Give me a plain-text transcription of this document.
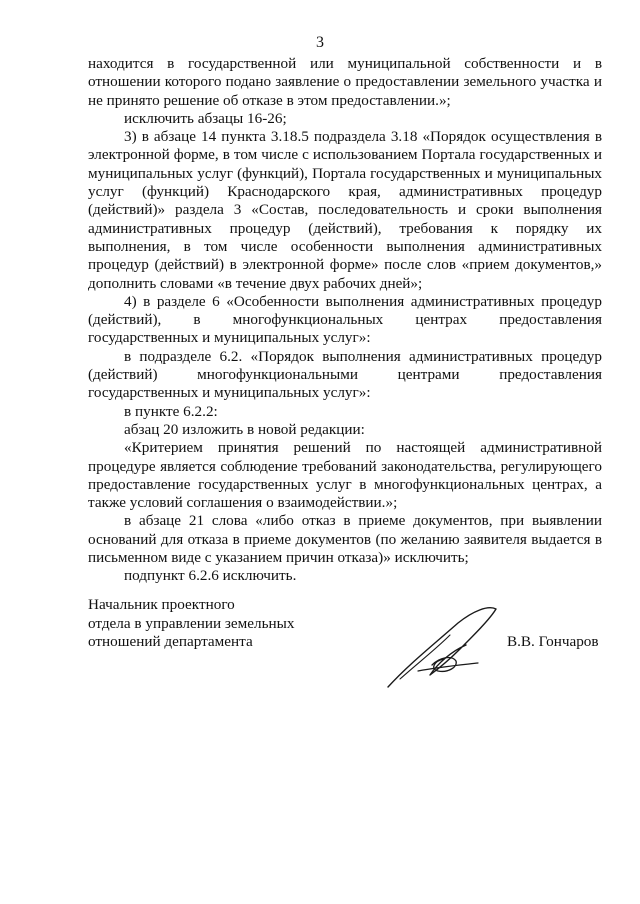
3

находится в государственной или муниципальной собственности и в отношении которого подано заявление о предоставлении земельного участка и не принято решение об отказе в этом предоставлении.»;

исключить абзацы 16-26;

3) в абзаце 14 пункта 3.18.5 подраздела 3.18 «Порядок осуществления в электронной форме, в том числе с использованием Портала государственных и муниципальных услуг (функций), Портала государственных и муниципальных услуг (функций) Краснодарского края, административных процедур (действий)» раздела 3 «Состав, последовательность и сроки выполнения административных процедур (действий), требования к порядку их выполнения, в том числе особенности выполнения административных процедур (действий) в электронной форме» после слов «прием документов,» дополнить словами «в течение двух рабочих дней»;

4) в разделе 6 «Особенности выполнения административных процедур (действий), в многофункциональных центрах предоставления государственных и муниципальных услуг»:

в подразделе 6.2. «Порядок выполнения административных процедур (действий) многофункциональными центрами предоставления государственных и муниципальных услуг»:

в пункте 6.2.2:

абзац 20 изложить в новой редакции:

«Критерием принятия решений по настоящей административной процедуре является соблюдение требований законодательства, регулирующего предоставление государственных услуг в многофункциональных центрах, а также условий соглашения о взаимодействии.»;

в абзаце 21 слова «либо отказ в приеме документов, при выявлении оснований для отказа в приеме документов (по желанию заявителя выдается в письменном виде с указанием причин отказа)» исключить;

подпункт 6.2.6 исключить.

Начальник проектного
отдела в управлении земельных
отношений департамента	В.В. Гончаров
